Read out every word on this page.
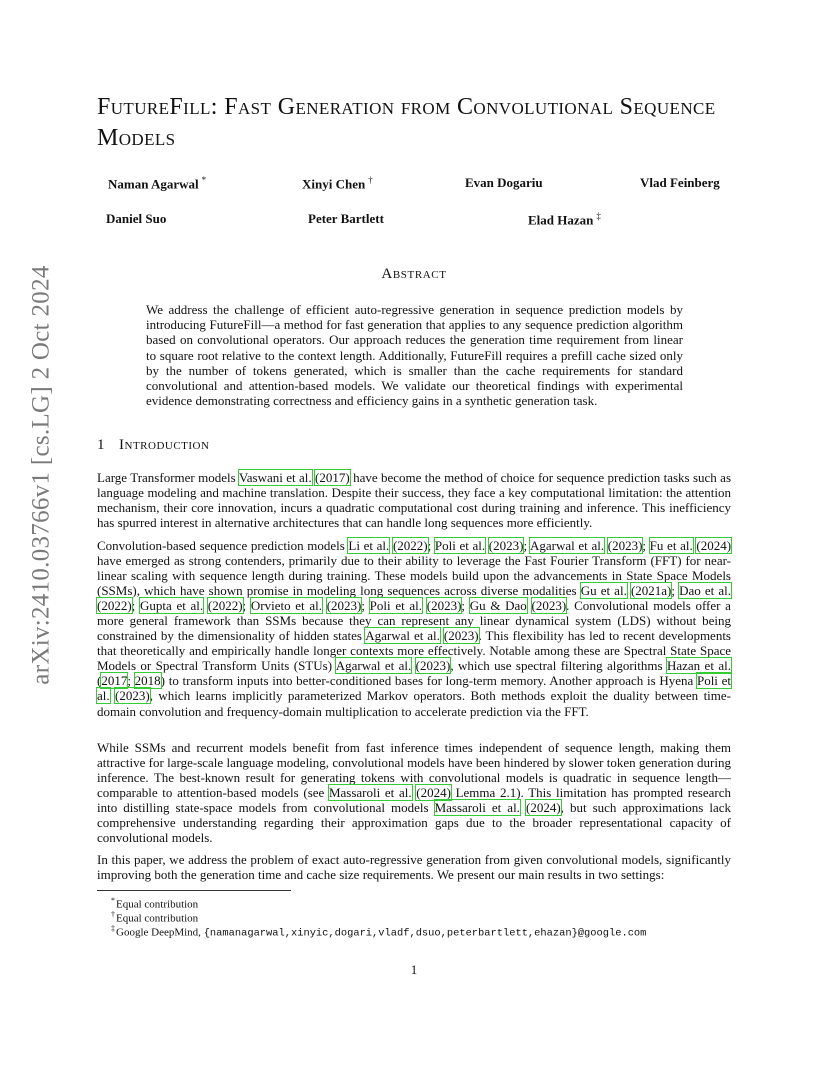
arXiv:2410.03766v1 [cs.LG] 2 Oct 2024
FutureFill: Fast Generation from Convolutional Sequence Models
Naman Agarwal *	Xinyi Chen †	Evan Dogariu	Vlad Feinberg
Daniel Suo	Peter Bartlett	Elad Hazan ‡
Abstract

We address the challenge of efficient auto-regressive generation in sequence prediction models by introducing FutureFill—a method for fast generation that applies to any sequence prediction algorithm based on convolutional operators. Our approach reduces the generation time requirement from linear to square root relative to the context length. Additionally, FutureFill requires a prefill cache sized only by the number of tokens generated, which is smaller than the cache requirements for standard convolutional and attention-based models. We validate our theoretical findings with experimental evidence demonstrating correctness and efficiency gains in a synthetic generation task.

1 Introduction

Large Transformer models Vaswani et al. (2017) have become the method of choice for sequence prediction tasks such as language modeling and machine translation. Despite their success, they face a key computational limitation: the attention mechanism, their core innovation, incurs a quadratic computational cost during training and inference. This inefficiency has spurred interest in alternative architectures that can handle long sequences more efficiently.

Convolution-based sequence prediction models Li et al. (2022); Poli et al. (2023); Agarwal et al. (2023); Fu et al. (2024) have emerged as strong contenders, primarily due to their ability to leverage the Fast Fourier Transform (FFT) for near-linear scaling with sequence length during training. These models build upon the advancements in State Space Models (SSMs), which have shown promise in modeling long sequences across diverse modalities Gu et al. (2021a); Dao et al. (2022); Gupta et al. (2022); Orvieto et al. (2023); Poli et al. (2023); Gu & Dao (2023). Convolutional models offer a more general framework than SSMs because they can represent any linear dynamical system (LDS) without being constrained by the dimensionality of hidden states Agarwal et al. (2023). This flexibility has led to recent developments that theoretically and empirically handle longer contexts more effectively. Notable among these are Spectral State Space Models or Spectral Transform Units (STUs) Agarwal et al. (2023), which use spectral filtering algorithms Hazan et al. (2017; 2018) to transform inputs into better-conditioned bases for long-term memory. Another approach is Hyena Poli et al. (2023), which learns implicitly parameterized Markov operators. Both methods exploit the duality between time-domain convolution and frequency-domain multiplication to accelerate prediction via the FFT.

While SSMs and recurrent models benefit from fast inference times independent of sequence length, making them attractive for large-scale language modeling, convolutional models have been hindered by slower token generation during inference. The best-known result for generating tokens with convolutional models is quadratic in sequence length—comparable to attention-based models (see Massaroli et al. (2024) Lemma 2.1). This limitation has prompted research into distilling state-space models from convolutional models Massaroli et al. (2024), but such approximations lack comprehensive understanding regarding their approximation gaps due to the broader representational capacity of convolutional models.

In this paper, we address the problem of exact auto-regressive generation from given convolutional models, significantly improving both the generation time and cache size requirements. We present our main results in two settings:

*Equal contribution
†Equal contribution
‡Google DeepMind, {namanagarwal,xinyic,dogari,vladf,dsuo,peterbartlett,ehazan}@google.com
1
